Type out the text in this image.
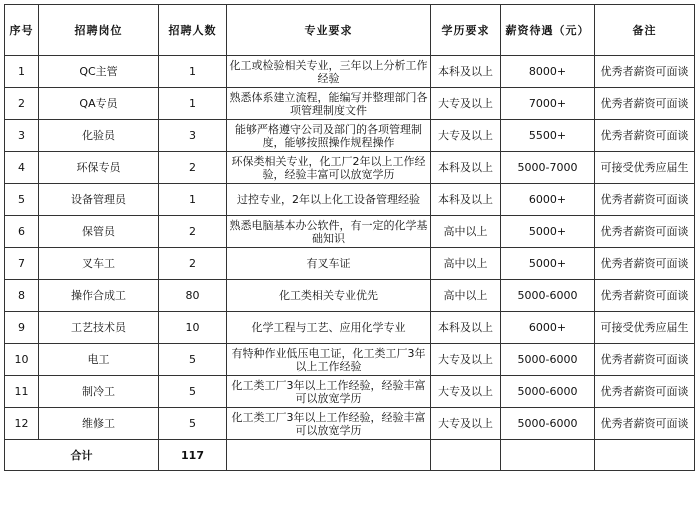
序号	招聘岗位	招聘人数	专业要求	学历要求	薪资待遇（元）	备注
1	QC主管	1	化工或检验相关专业，三年以上分析工作经验	本科及以上	8000+	优秀者薪资可面谈
2	QA专员	1	熟悉体系建立流程，能编写并整理部门各项管理制度文件	大专及以上	7000+	优秀者薪资可面谈
3	化验员	3	能够严格遵守公司及部门的各项管理制度，能够按照操作规程操作	大专及以上	5500+	优秀者薪资可面谈
4	环保专员	2	环保类相关专业，化工厂2年以上工作经验，经验丰富可以放宽学历	本科及以上	5000-7000	可接受优秀应届生
5	设备管理员	1	过控专业，2年以上化工设备管理经验	本科及以上	6000+	优秀者薪资可面谈
6	保管员	2	熟悉电脑基本办公软件，有一定的化学基础知识	高中以上	5000+	优秀者薪资可面谈
7	叉车工	2	有叉车证	高中以上	5000+	优秀者薪资可面谈
8	操作合成工	80	化工类相关专业优先	高中以上	5000-6000	优秀者薪资可面谈
9	工艺技术员	10	化学工程与工艺、应用化学专业	本科及以上	6000+	可接受优秀应届生
10	电工	5	有特种作业低压电工证，化工类工厂3年以上工作经验	大专及以上	5000-6000	优秀者薪资可面谈
11	制冷工	5	化工类工厂3年以上工作经验，经验丰富可以放宽学历	大专及以上	5000-6000	优秀者薪资可面谈
12	维修工	5	化工类工厂3年以上工作经验，经验丰富可以放宽学历	大专及以上	5000-6000	优秀者薪资可面谈
合计		117				
